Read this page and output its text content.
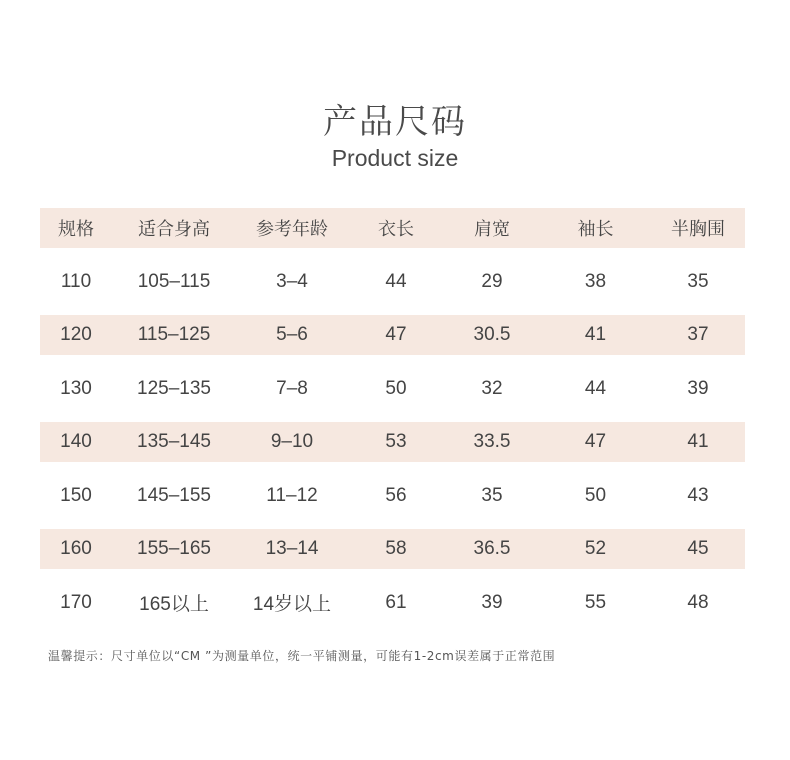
产品尺码
Product size
规格	适合身高	参考年龄	衣长	肩宽	袖长	半胸围
110	105–115	3–4	44	29	38	35
120	115–125	5–6	47	30.5	41	37
130	125–135	7–8	50	32	44	39
140	135–145	9–10	53	33.5	47	41
150	145–155	11–12	56	35	50	43
160	155–165	13–14	58	36.5	52	45
170	165以上	14岁以上	61	39	55	48
温馨提示：尺寸单位以“CM ”为测量单位，统一平铺测量，可能有1-2cm误差属于正常范围
